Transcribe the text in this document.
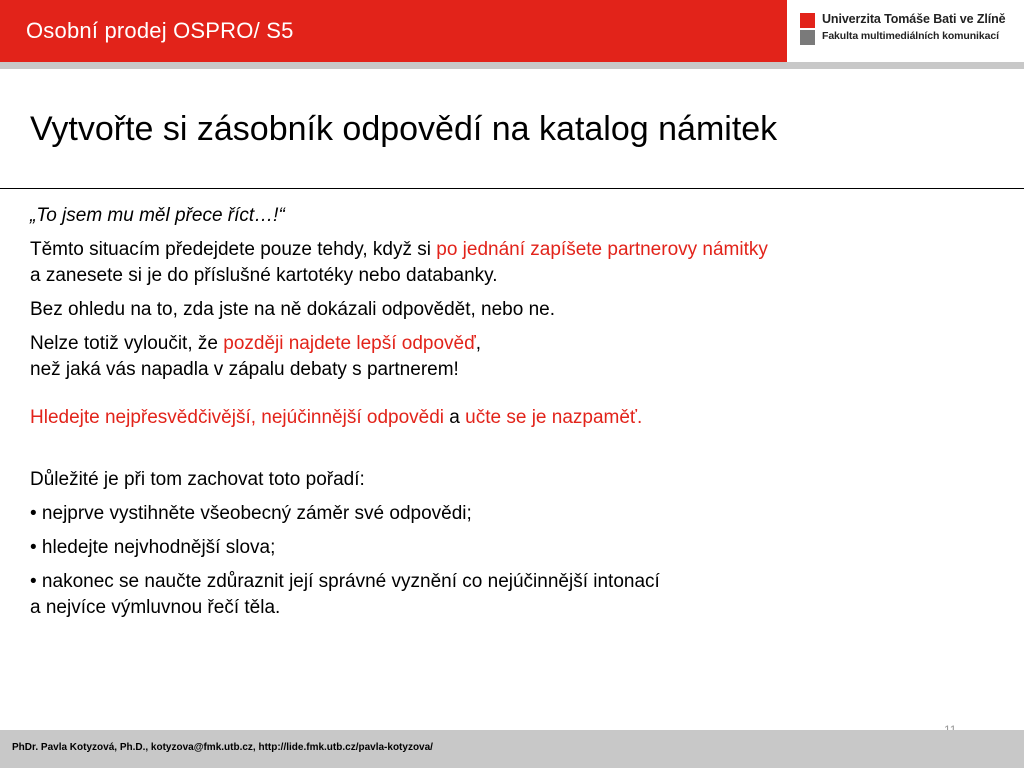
Osobní prodej OSPRO/ S5	Univerzita Tomáše Bati ve Zlíně
Fakulta multimediálních komunikací
Vytvořte si zásobník odpovědí na katalog námitek

„To jsem mu měl přece říct…!“

Těmto situacím předejdete pouze tehdy, když si po jednání zapíšete partnerovy námitky
a zanesete si je do příslušné kartotéky nebo databanky.

Bez ohledu na to, zda jste na ně dokázali odpovědět, nebo ne.

Nelze totiž vyloučit, že později najdete lepší odpověď,
než jaká vás napadla v zápalu debaty s partnerem!

Hledejte nejpřesvědčivější, nejúčinnější odpovědi a učte se je nazpaměť.

Důležité je při tom zachovat toto pořadí:

• nejprve vystihněte všeobecný záměr své odpovědi;

• hledejte nejvhodnější slova;

• nakonec se naučte zdůraznit její správné vyznění co nejúčinnější intonací
a nejvíce výmluvnou řečí těla.

PhDr. Pavla Kotyzová, Ph.D., kotyzova@fmk.utb.cz, http://lide.fmk.utb.cz/pavla-kotyzova/
